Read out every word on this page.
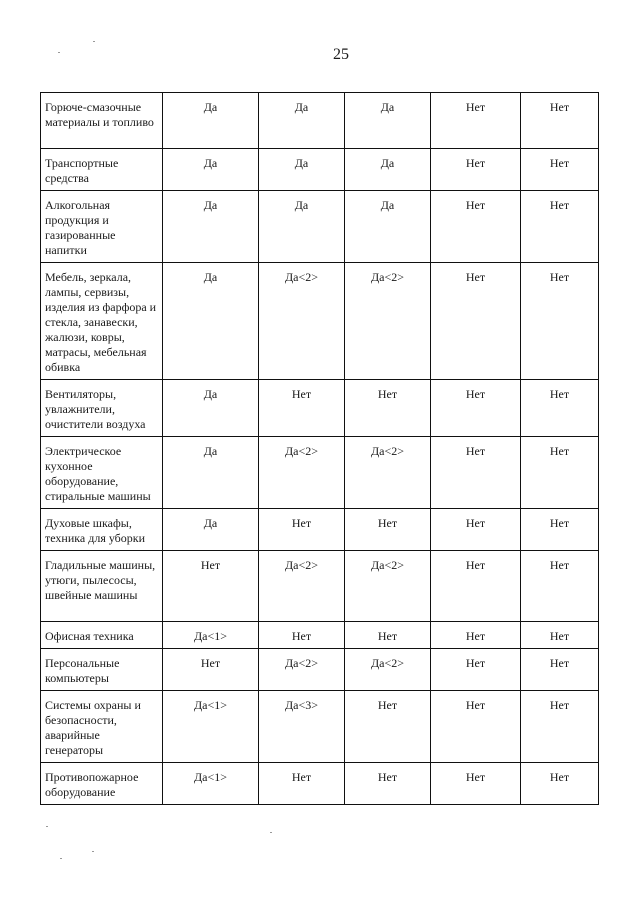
25
Горюче-смазочные материалы и топливо	Да	Да	Да	Нет	Нет
Транспортные средства	Да	Да	Да	Нет	Нет
Алкогольная продукция и газированные напитки	Да	Да	Да	Нет	Нет
Мебель, зеркала, лампы, сервизы, изделия из фарфора и стекла, занавески, жалюзи, ковры, матрасы, мебельная обивка	Да	Да<2>	Да<2>	Нет	Нет
Вентиляторы, увлажнители, очистители воздуха	Да	Нет	Нет	Нет	Нет
Электрическое кухонное оборудование, стиральные машины	Да	Да<2>	Да<2>	Нет	Нет
Духовые шкафы, техника для уборки	Да	Нет	Нет	Нет	Нет
Гладильные машины, утюги, пылесосы, швейные машины	Нет	Да<2>	Да<2>	Нет	Нет
Офисная техника	Да<1>	Нет	Нет	Нет	Нет
Персональные компьютеры	Нет	Да<2>	Да<2>	Нет	Нет
Системы охраны и безопасности, аварийные генераторы	Да<1>	Да<3>	Нет	Нет	Нет
Противопожарное оборудование	Да<1>	Нет	Нет	Нет	Нет
